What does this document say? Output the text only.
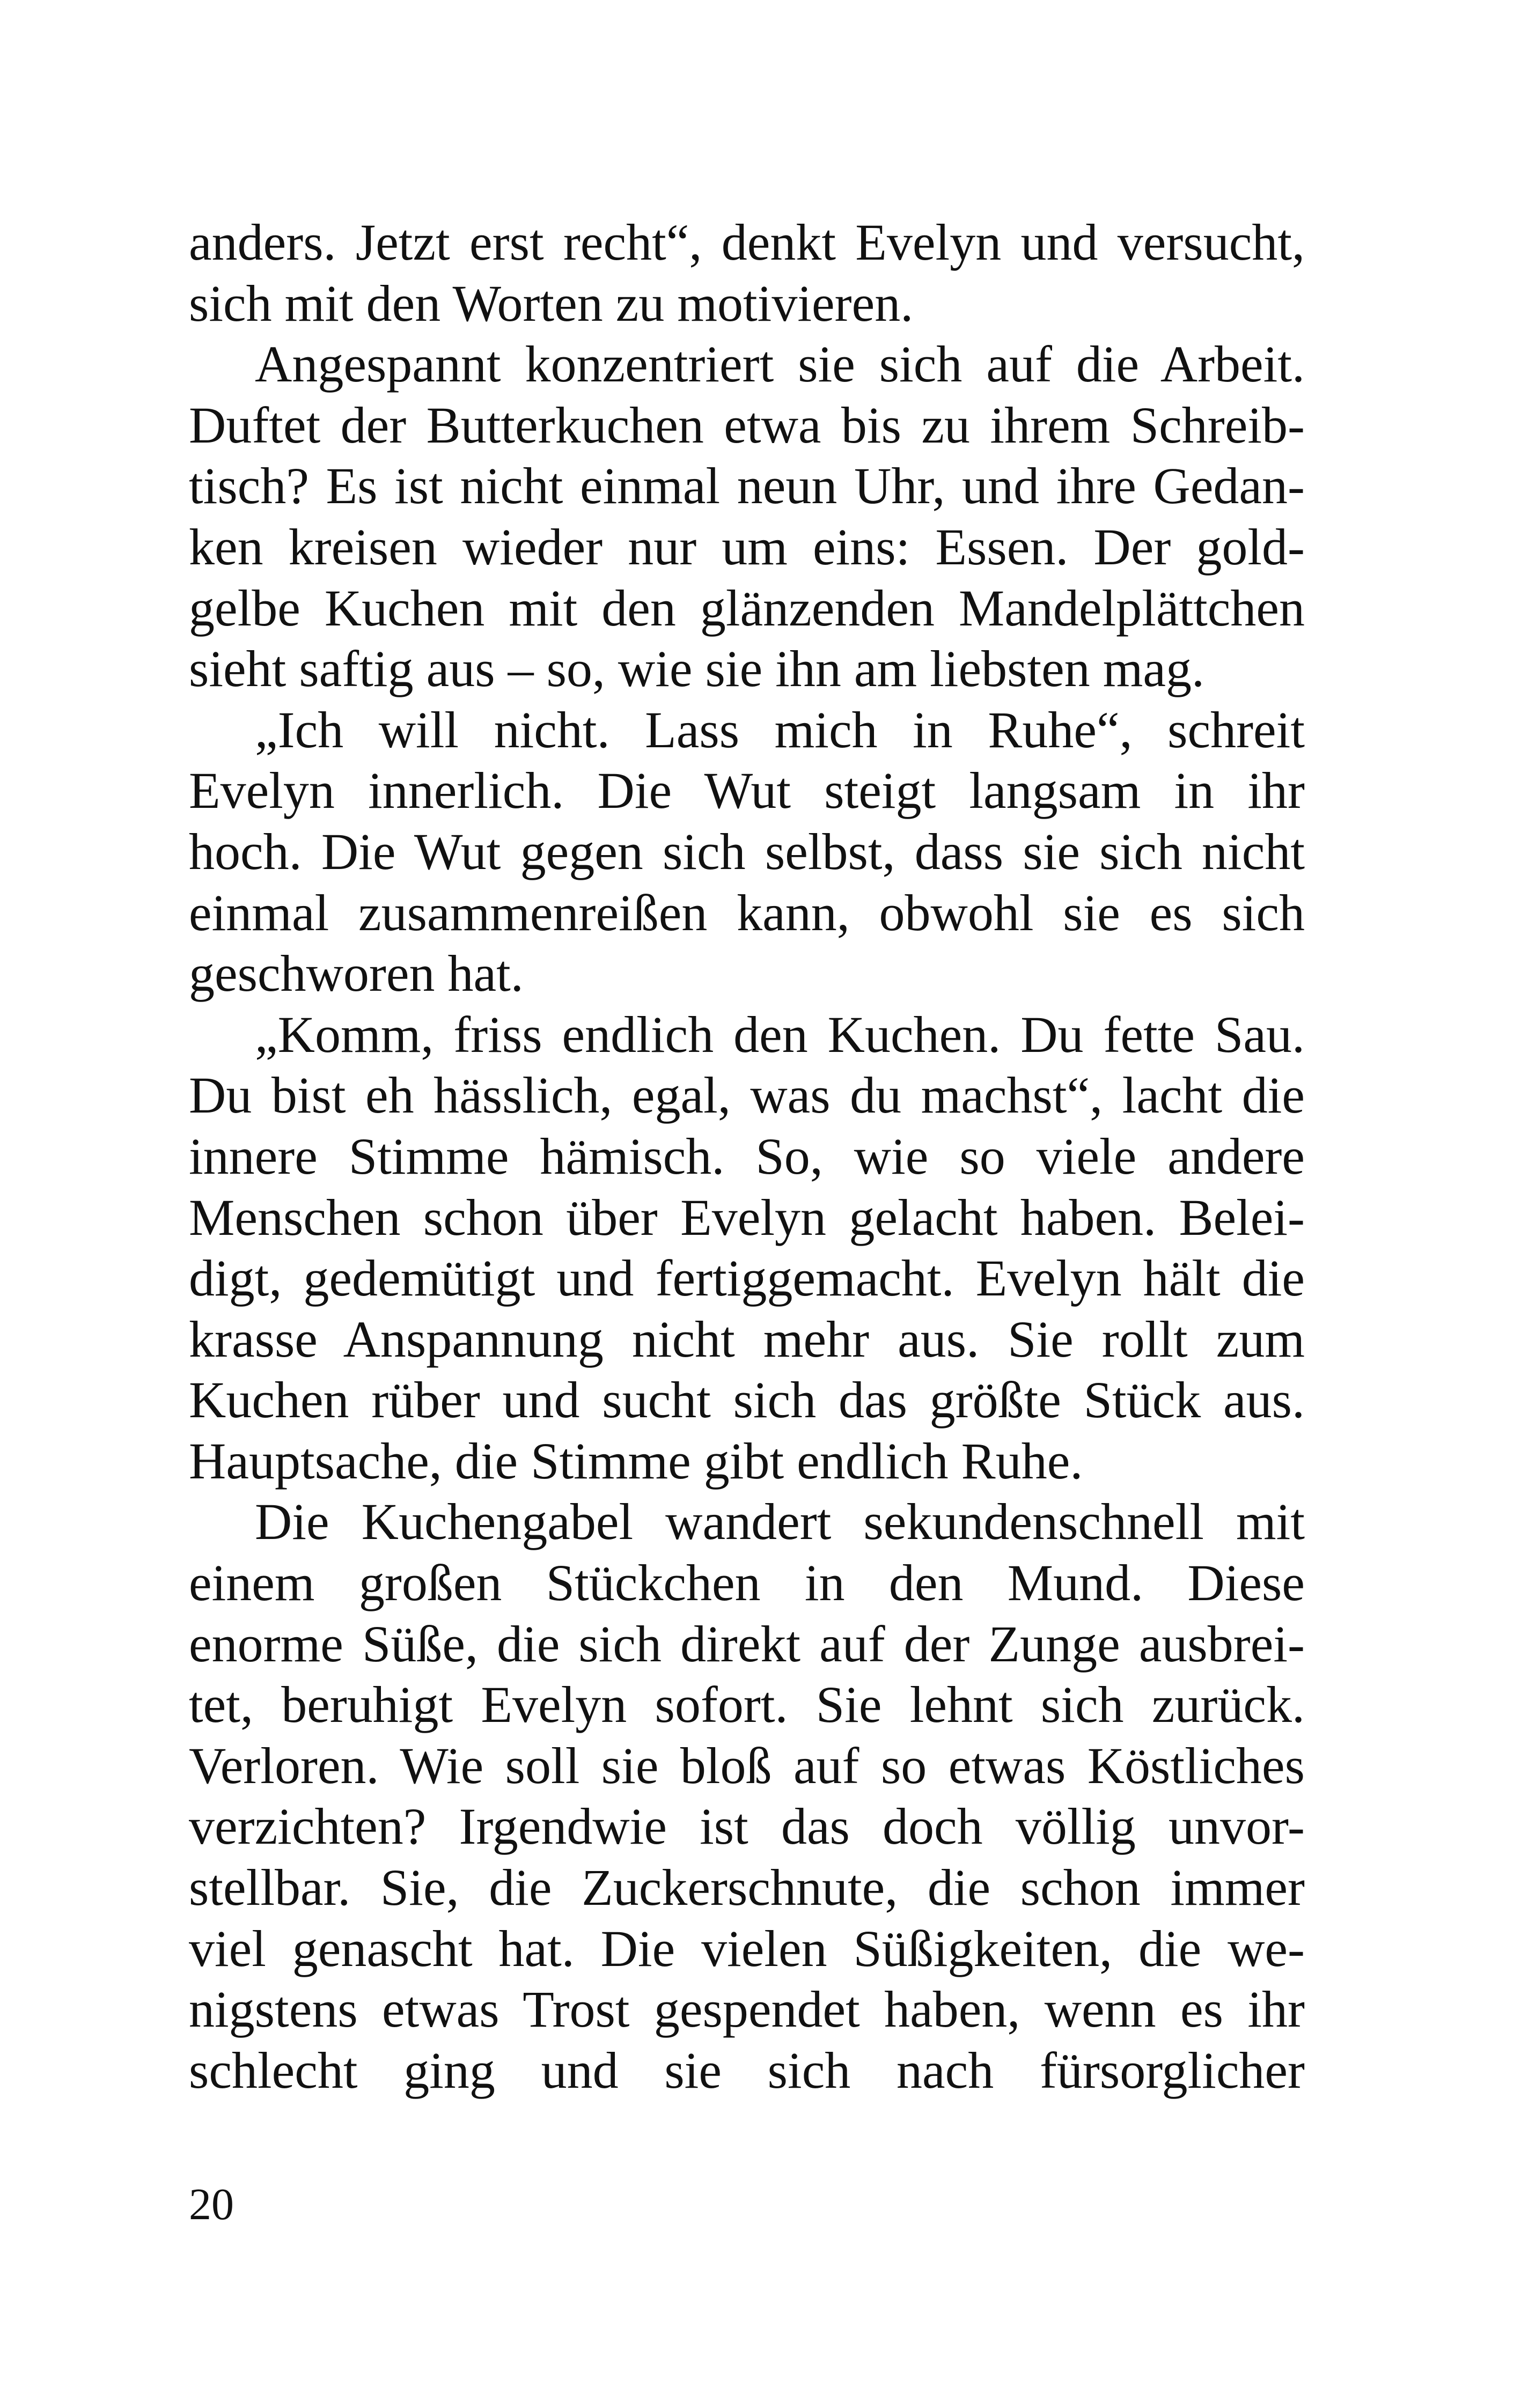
anders. Jetzt erst recht“, denkt Evelyn und versucht,
sich mit den Worten zu motivieren.
Angespannt konzentriert sie sich auf die Arbeit.
Duftet der Butterkuchen etwa bis zu ihrem Schreib-
tisch? Es ist nicht einmal neun Uhr, und ihre Gedan-
ken kreisen wieder nur um eins: Essen. Der gold-
gelbe Kuchen mit den glänzenden Mandelplättchen
sieht saftig aus – so, wie sie ihn am liebsten mag.
„Ich will nicht. Lass mich in Ruhe“, schreit
Evelyn innerlich. Die Wut steigt langsam in ihr
hoch. Die Wut gegen sich selbst, dass sie sich nicht
einmal zusammenreißen kann, obwohl sie es sich
geschworen hat.
„Komm, friss endlich den Kuchen. Du fette Sau.
Du bist eh hässlich, egal, was du machst“, lacht die
innere Stimme hämisch. So, wie so viele andere
Menschen schon über Evelyn gelacht haben. Belei-
digt, gedemütigt und fertiggemacht. Evelyn hält die
krasse Anspannung nicht mehr aus. Sie rollt zum
Kuchen rüber und sucht sich das größte Stück aus.
Hauptsache, die Stimme gibt endlich Ruhe.
Die Kuchengabel wandert sekundenschnell mit
einem großen Stückchen in den Mund. Diese
enorme Süße, die sich direkt auf der Zunge ausbrei-
tet, beruhigt Evelyn sofort. Sie lehnt sich zurück.
Verloren. Wie soll sie bloß auf so etwas Köstliches
verzichten? Irgendwie ist das doch völlig unvor-
stellbar. Sie, die Zuckerschnute, die schon immer
viel genascht hat. Die vielen Süßigkeiten, die we-
nigstens etwas Trost gespendet haben, wenn es ihr
schlecht ging und sie sich nach fürsorglicher
20
